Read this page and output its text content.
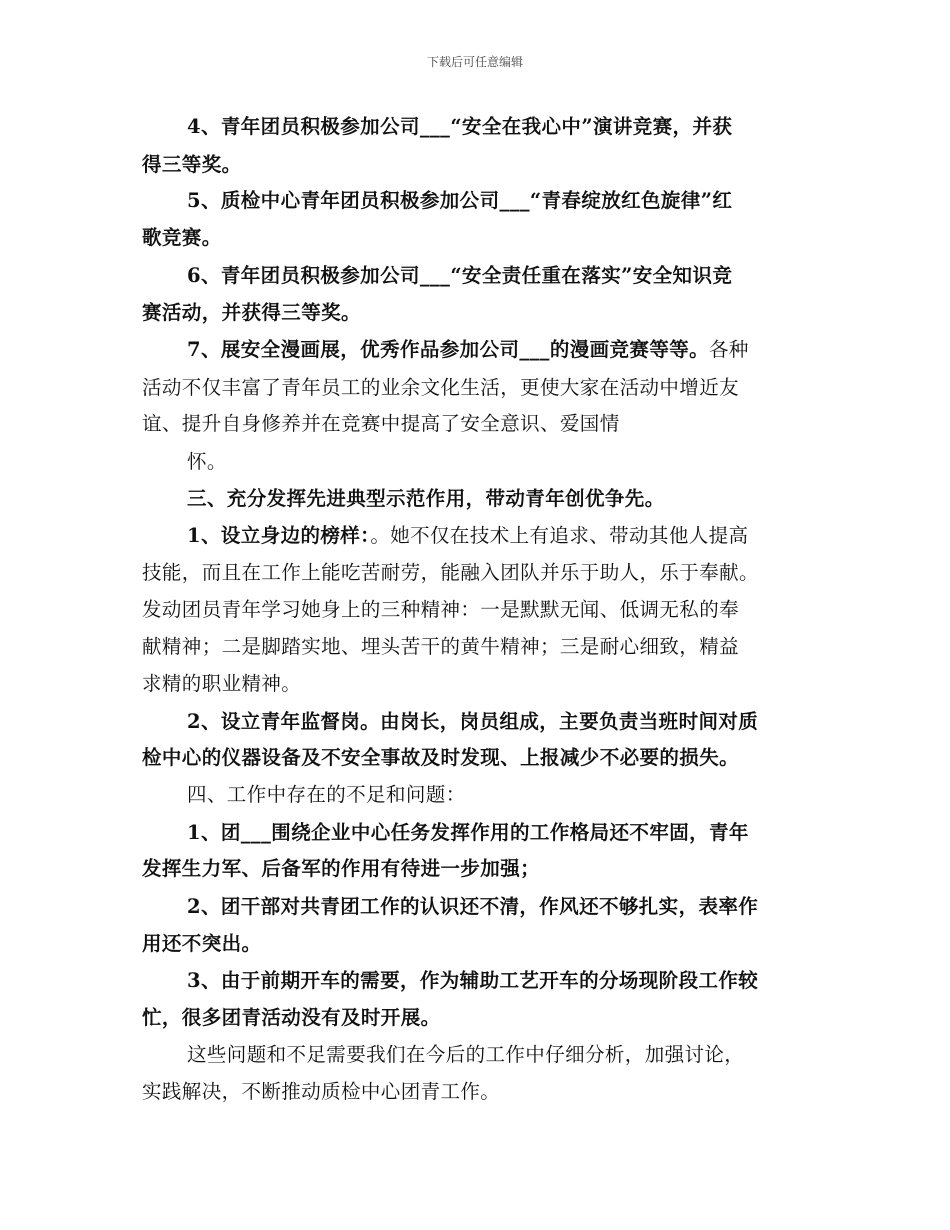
下载后可任意编辑
4、青年团员积极参加公司___“安全在我心中”演讲竞赛，并获
得三等奖。
5、质检中心青年团员积极参加公司___“青春绽放红色旋律”红
歌竞赛。
6、青年团员积极参加公司___“安全责任重在落实”安全知识竞
赛活动，并获得三等奖。
7、展安全漫画展，优秀作品参加公司___的漫画竞赛等等。各种
活动不仅丰富了青年员工的业余文化生活，更使大家在活动中增近友
谊、提升自身修养并在竞赛中提高了安全意识、爱国情
怀。
三、充分发挥先进典型示范作用，带动青年创优争先。
1、设立身边的榜样：。她不仅在技术上有追求、带动其他人提高
技能，而且在工作上能吃苦耐劳，能融入团队并乐于助人，乐于奉献。
发动团员青年学习她身上的三种精神：一是默默无闻、低调无私的奉
献精神；二是脚踏实地、埋头苦干的黄牛精神；三是耐心细致，精益
求精的职业精神。
2、设立青年监督岗。由岗长，岗员组成，主要负责当班时间对质
检中心的仪器设备及不安全事故及时发现、上报减少不必要的损失。
四、工作中存在的不足和问题：
1、团___围绕企业中心任务发挥作用的工作格局还不牢固，青年
发挥生力军、后备军的作用有待进一步加强；
2、团干部对共青团工作的认识还不清，作风还不够扎实，表率作
用还不突出。
3、由于前期开车的需要，作为辅助工艺开车的分场现阶段工作较
忙，很多团青活动没有及时开展。
这些问题和不足需要我们在今后的工作中仔细分析，加强讨论，
实践解决，不断推动质检中心团青工作。
